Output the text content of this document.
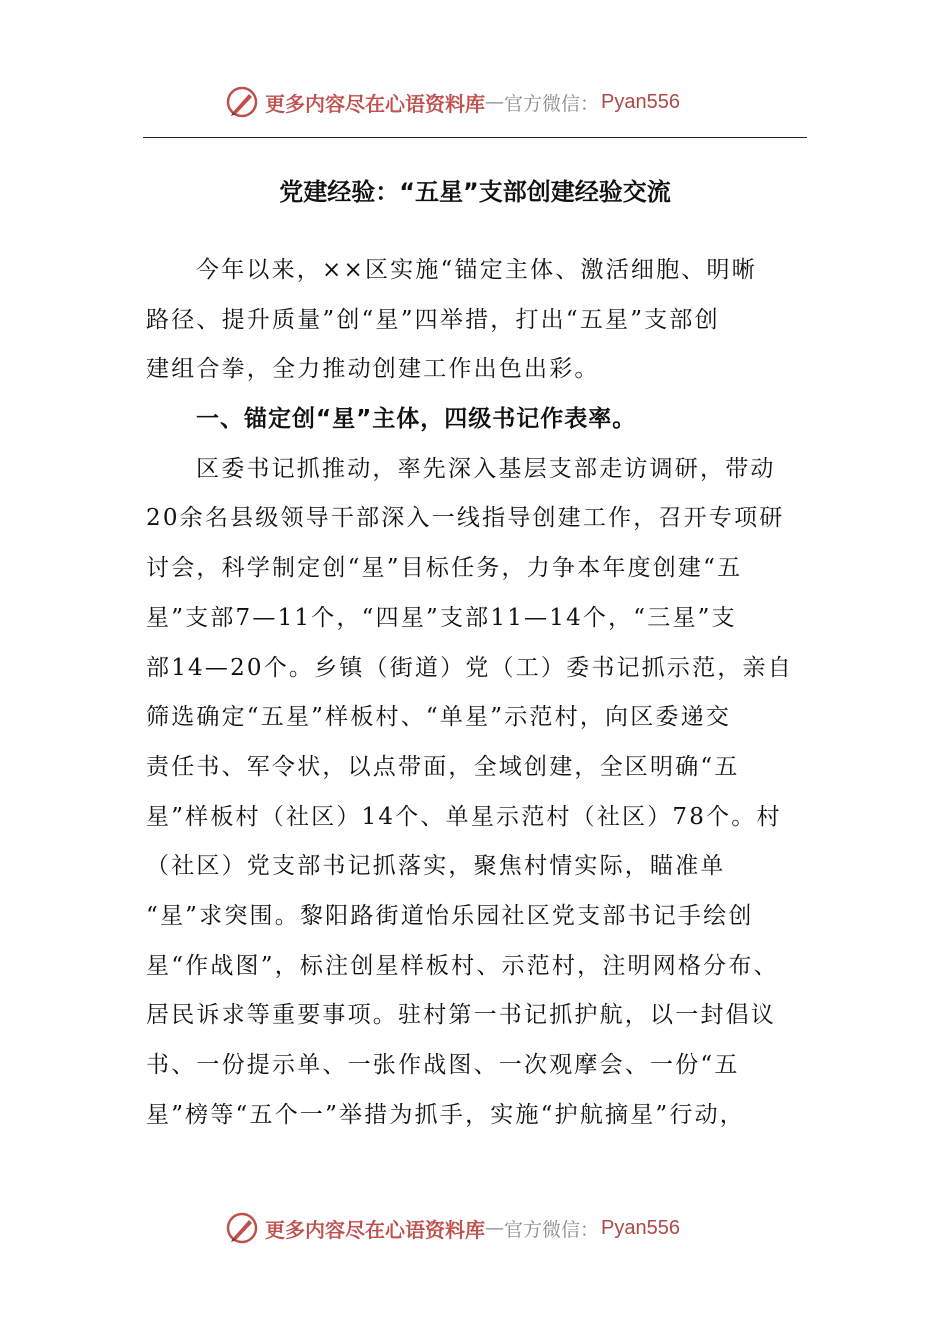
更多内容尽在心语资料库 — 官方微信： Pyan556
党建经验：“五星”支部创建经验交流
今年以来，××区实施“锚定主体、激活细胞、明晰
路径、提升质量”创“星”四举措，打出“五星”支部创
建组合拳，全力推动创建工作出色出彩。
一、锚定创“星”主体，四级书记作表率。
区委书记抓推动，率先深入基层支部走访调研，带动
20余名县级领导干部深入一线指导创建工作，召开专项研
讨会，科学制定创“星”目标任务，力争本年度创建“五
星”支部7—11个，“四星”支部11—14个，“三星”支
部14—20个。乡镇（街道）党（工）委书记抓示范，亲自
筛选确定“五星”样板村、“单星”示范村，向区委递交
责任书、军令状，以点带面，全域创建，全区明确“五
星”样板村（社区）14个、单星示范村（社区）78个。村
（社区）党支部书记抓落实，聚焦村情实际，瞄准单
“星”求突围。黎阳路街道怡乐园社区党支部书记手绘创
星“作战图”，标注创星样板村、示范村，注明网格分布、
居民诉求等重要事项。驻村第一书记抓护航，以一封倡议
书、一份提示单、一张作战图、一次观摩会、一份“五
星”榜等“五个一”举措为抓手，实施“护航摘星”行动，
更多内容尽在心语资料库 — 官方微信： Pyan556
